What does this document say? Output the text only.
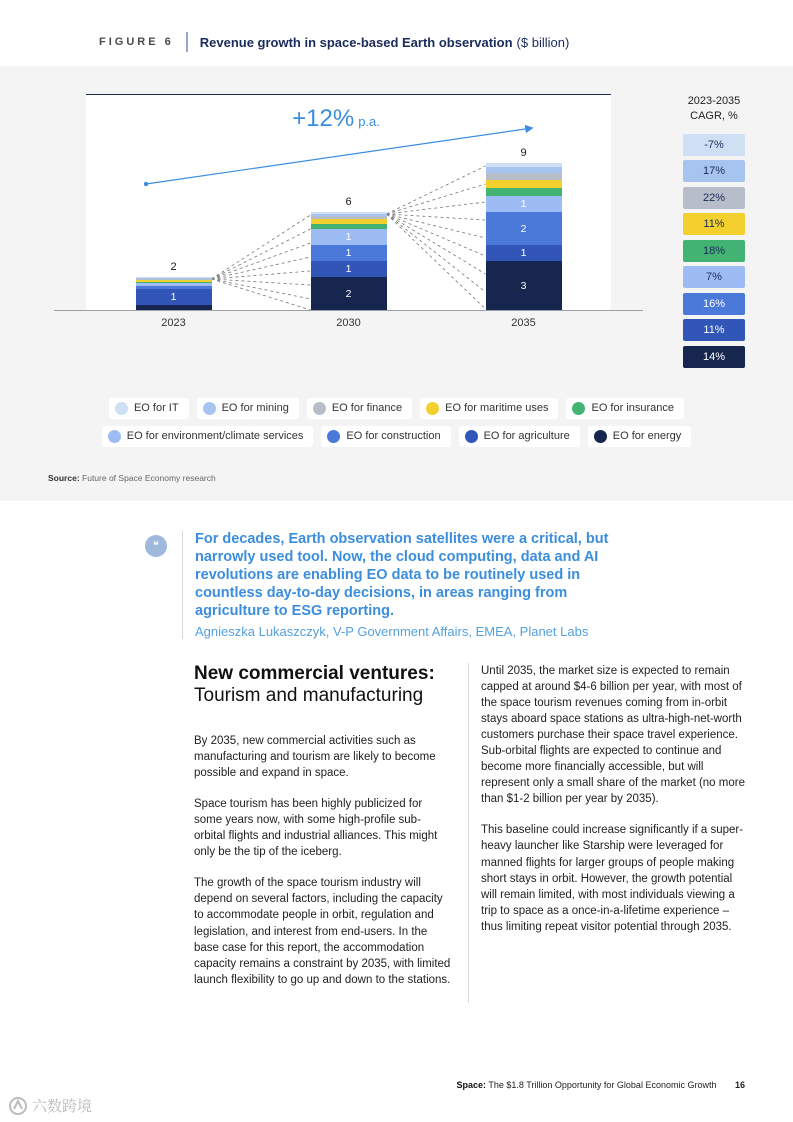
FIGURE 6 Revenue growth in space-based Earth observation ($ billion)
2
1
6
1
1
1
2
9
1
2
1
3
+12% p.a.
2023	2030	2035
2023-2035
CAGR, %
-7%
17%
22%
11%
18%
7%
16%
11%
14%
EO for IT	EO for mining	EO for finance	EO for maritime uses	EO for insurance
EO for environment/climate services	EO for construction	EO for agriculture	EO for energy
Source: Future of Space Economy research
❝	For decades, Earth observation satellites were a critical, but narrowly used tool. Now, the cloud computing, data and AI revolutions are enabling EO data to be routinely used in countless day-to-day decisions, in areas ranging from agriculture to ESG reporting.
Agnieszka Lukaszczyk, V-P Government Affairs, EMEA, Planet Labs
New commercial ventures:
Tourism and manufacturing

By 2035, new commercial activities such as manufacturing and tourism are likely to become possible and expand in space.

Space tourism has been highly publicized for some years now, with some high-profile sub-orbital flights and industrial alliances. This might only be the tip of the iceberg.

The growth of the space tourism industry will depend on several factors, including the capacity to accommodate people in orbit, regulation and legislation, and interest from end-users. In the base case for this report, the accommodation capacity remains a constraint by 2035, with limited launch flexibility to go up and down to the stations.

Until 2035, the market size is expected to remain capped at around $4-6 billion per year, with most of the space tourism revenues coming from in-orbit stays aboard space stations as ultra-high-net-worth customers purchase their space travel experience. Sub-orbital flights are expected to continue and become more financially accessible, but will represent only a small share of the market (no more than $1-2 billion per year by 2035).

This baseline could increase significantly if a super-heavy launcher like Starship were leveraged for manned flights for larger groups of people making short stays in orbit. However, the growth potential will remain limited, with most individuals viewing a trip to space as a once-in-a-lifetime experience – thus limiting repeat visitor potential through 2035.

Space: The $1.8 Trillion Opportunity for Global Economic Growth 16
六数跨境
